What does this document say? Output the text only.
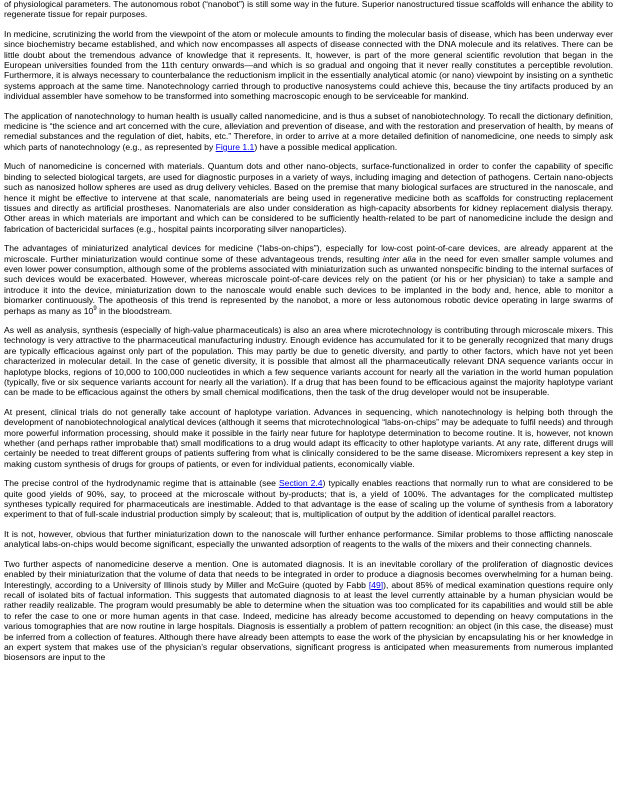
of physiological parameters. The autonomous robot (“nanobot”) is still some way in the future. Superior nanostructured tissue scaffolds will enhance the ability to regenerate tissue for repair purposes.

In medicine, scrutinizing the world from the viewpoint of the atom or molecule amounts to finding the molecular basis of disease, which has been underway ever since biochemistry became established, and which now encompasses all aspects of disease connected with the DNA molecule and its relatives. There can be little doubt about the tremendous advance of knowledge that it represents. It, however, is part of the more general scientific revolution that began in the European universities founded from the 11th century onwards—and which is so gradual and ongoing that it never really constitutes a perceptible revolution. Furthermore, it is always necessary to counterbalance the reductionism implicit in the essentially analytical atomic (or nano) viewpoint by insisting on a synthetic systems approach at the same time. Nanotechnology carried through to productive nanosystems could achieve this, because the tiny artifacts produced by an individual assembler have somehow to be transformed into something macroscopic enough to be serviceable for mankind.

The application of nanotechnology to human health is usually called nanomedicine, and is thus a subset of nanobiotechnology. To recall the dictionary definition, medicine is “the science and art concerned with the cure, alleviation and prevention of disease, and with the restoration and preservation of health, by means of remedial substances and the regulation of diet, habits, etc.” Therefore, in order to arrive at a more detailed definition of nanomedicine, one needs to simply ask which parts of nanotechnology (e.g., as represented by Figure 1.1) have a possible medical application.

Much of nanomedicine is concerned with materials. Quantum dots and other nano-objects, surface-functionalized in order to confer the capability of specific binding to selected biological targets, are used for diagnostic purposes in a variety of ways, including imaging and detection of pathogens. Certain nano-objects such as nanosized hollow spheres are used as drug delivery vehicles. Based on the premise that many biological surfaces are structured in the nanoscale, and hence it might be effective to intervene at that scale, nanomaterials are being used in regenerative medicine both as scaffolds for constructing replacement tissues and directly as artificial prostheses. Nanomaterials are also under consideration as high-capacity absorbents for kidney replacement dialysis therapy. Other areas in which materials are important and which can be considered to be sufficiently health-related to be part of nanomedicine include the design and fabrication of bactericidal surfaces (e.g., hospital paints incorporating silver nanoparticles).

The advantages of miniaturized analytical devices for medicine (“labs-on-chips”), especially for low-cost point-of-care devices, are already apparent at the microscale. Further miniaturization would continue some of these advantageous trends, resulting inter alia in the need for even smaller sample volumes and even lower power consumption, although some of the problems associated with miniaturization such as unwanted nonspecific binding to the internal surfaces of such devices would be exacerbated. However, whereas microscale point-of-care devices rely on the patient (or his or her physician) to take a sample and introduce it into the device, miniaturization down to the nanoscale would enable such devices to be implanted in the body and, hence, able to monitor a biomarker continuously. The apotheosis of this trend is represented by the nanobot, a more or less autonomous robotic device operating in large swarms of perhaps as many as $10^9$ in the bloodstream.

As well as analysis, synthesis (especially of high-value pharmaceuticals) is also an area where microtechnology is contributing through microscale mixers. This technology is very attractive to the pharmaceutical manufacturing industry. Enough evidence has accumulated for it to be generally recognized that many drugs are typically efficacious against only part of the population. This may partly be due to genetic diversity, and partly to other factors, which have not yet been characterized in molecular detail. In the case of genetic diversity, it is possible that almost all the pharmaceutically relevant DNA sequence variants occur in haplotype blocks, regions of 10,000 to 100,000 nucleotides in which a few sequence variants account for nearly all the variation in the world human population (typically, five or six sequence variants account for nearly all the variation). If a drug that has been found to be efficacious against the majority haplotype variant can be made to be efficacious against the others by small chemical modifications, then the task of the drug developer would not be insuperable.

At present, clinical trials do not generally take account of haplotype variation. Advances in sequencing, which nanotechnology is helping both through the development of nanobiotechnological analytical devices (although it seems that microtechnological “labs-on-chips” may be adequate to fulfil needs) and through more powerful information processing, should make it possible in the fairly near future for haplotype determination to become routine. It is, however, not known whether (and perhaps rather improbable that) small modifications to a drug would adapt its efficacity to other haplotype variants. At any rate, different drugs will certainly be needed to treat different groups of patients suffering from what is clinically considered to be the same disease. Micromixers represent a key step in making custom synthesis of drugs for groups of patients, or even for individual patients, economically viable.

The precise control of the hydrodynamic regime that is attainable (see Section 2.4) typically enables reactions that normally run to what are considered to be quite good yields of 90%, say, to proceed at the microscale without by-products; that is, a yield of 100%. The advantages for the complicated multistep syntheses typically required for pharmaceuticals are inestimable. Added to that advantage is the ease of scaling up the volume of synthesis from a laboratory experiment to that of full-scale industrial production simply by scaleout; that is, multiplication of output by the addition of identical parallel reactors.

It is not, however, obvious that further miniaturization down to the nanoscale will further enhance performance. Similar problems to those afflicting nanoscale analytical labs-on-chips would become significant, especially the unwanted adsorption of reagents to the walls of the mixers and their connecting channels.

Two further aspects of nanomedicine deserve a mention. One is automated diagnosis. It is an inevitable corollary of the proliferation of diagnostic devices enabled by their miniaturization that the volume of data that needs to be integrated in order to produce a diagnosis becomes overwhelming for a human being. Interestingly, according to a University of Illinois study by Miller and McGuire (quoted by Fabb [49]), about 85% of medical examination questions require only recall of isolated bits of factual information. This suggests that automated diagnosis to at least the level currently attainable by a human physician would be rather readily realizable. The program would presumably be able to determine when the situation was too complicated for its capabilities and would still be able to refer the case to one or more human agents in that case. Indeed, medicine has already become accustomed to depending on heavy computations in the various tomographies that are now routine in large hospitals. Diagnosis is essentially a problem of pattern recognition: an object (in this case, the disease) must be inferred from a collection of features. Although there have already been attempts to ease the work of the physician by encapsulating his or her knowledge in an expert system that makes use of the physician’s regular observations, significant progress is anticipated when measurements from numerous implanted biosensors are input to the
